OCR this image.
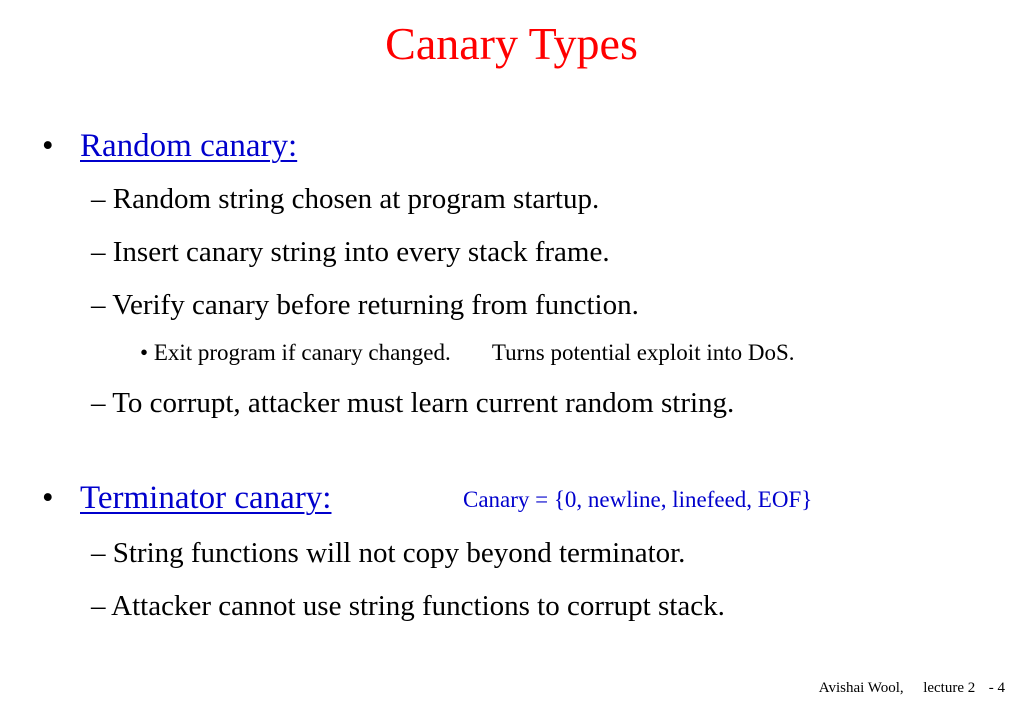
Canary Types
• Random canary:
– Random string chosen at program startup.
– Insert canary string into every stack frame.
– Verify canary before returning from function.
• Exit program if canary changed. Turns potential exploit into DoS.
– To corrupt, attacker must learn current random string.
• Terminator canary:	Canary = {0, newline, linefeed, EOF}
– String functions will not copy beyond terminator.
– Attacker cannot use string functions to corrupt stack.
Avishai Wool, lecture 2 - 4
